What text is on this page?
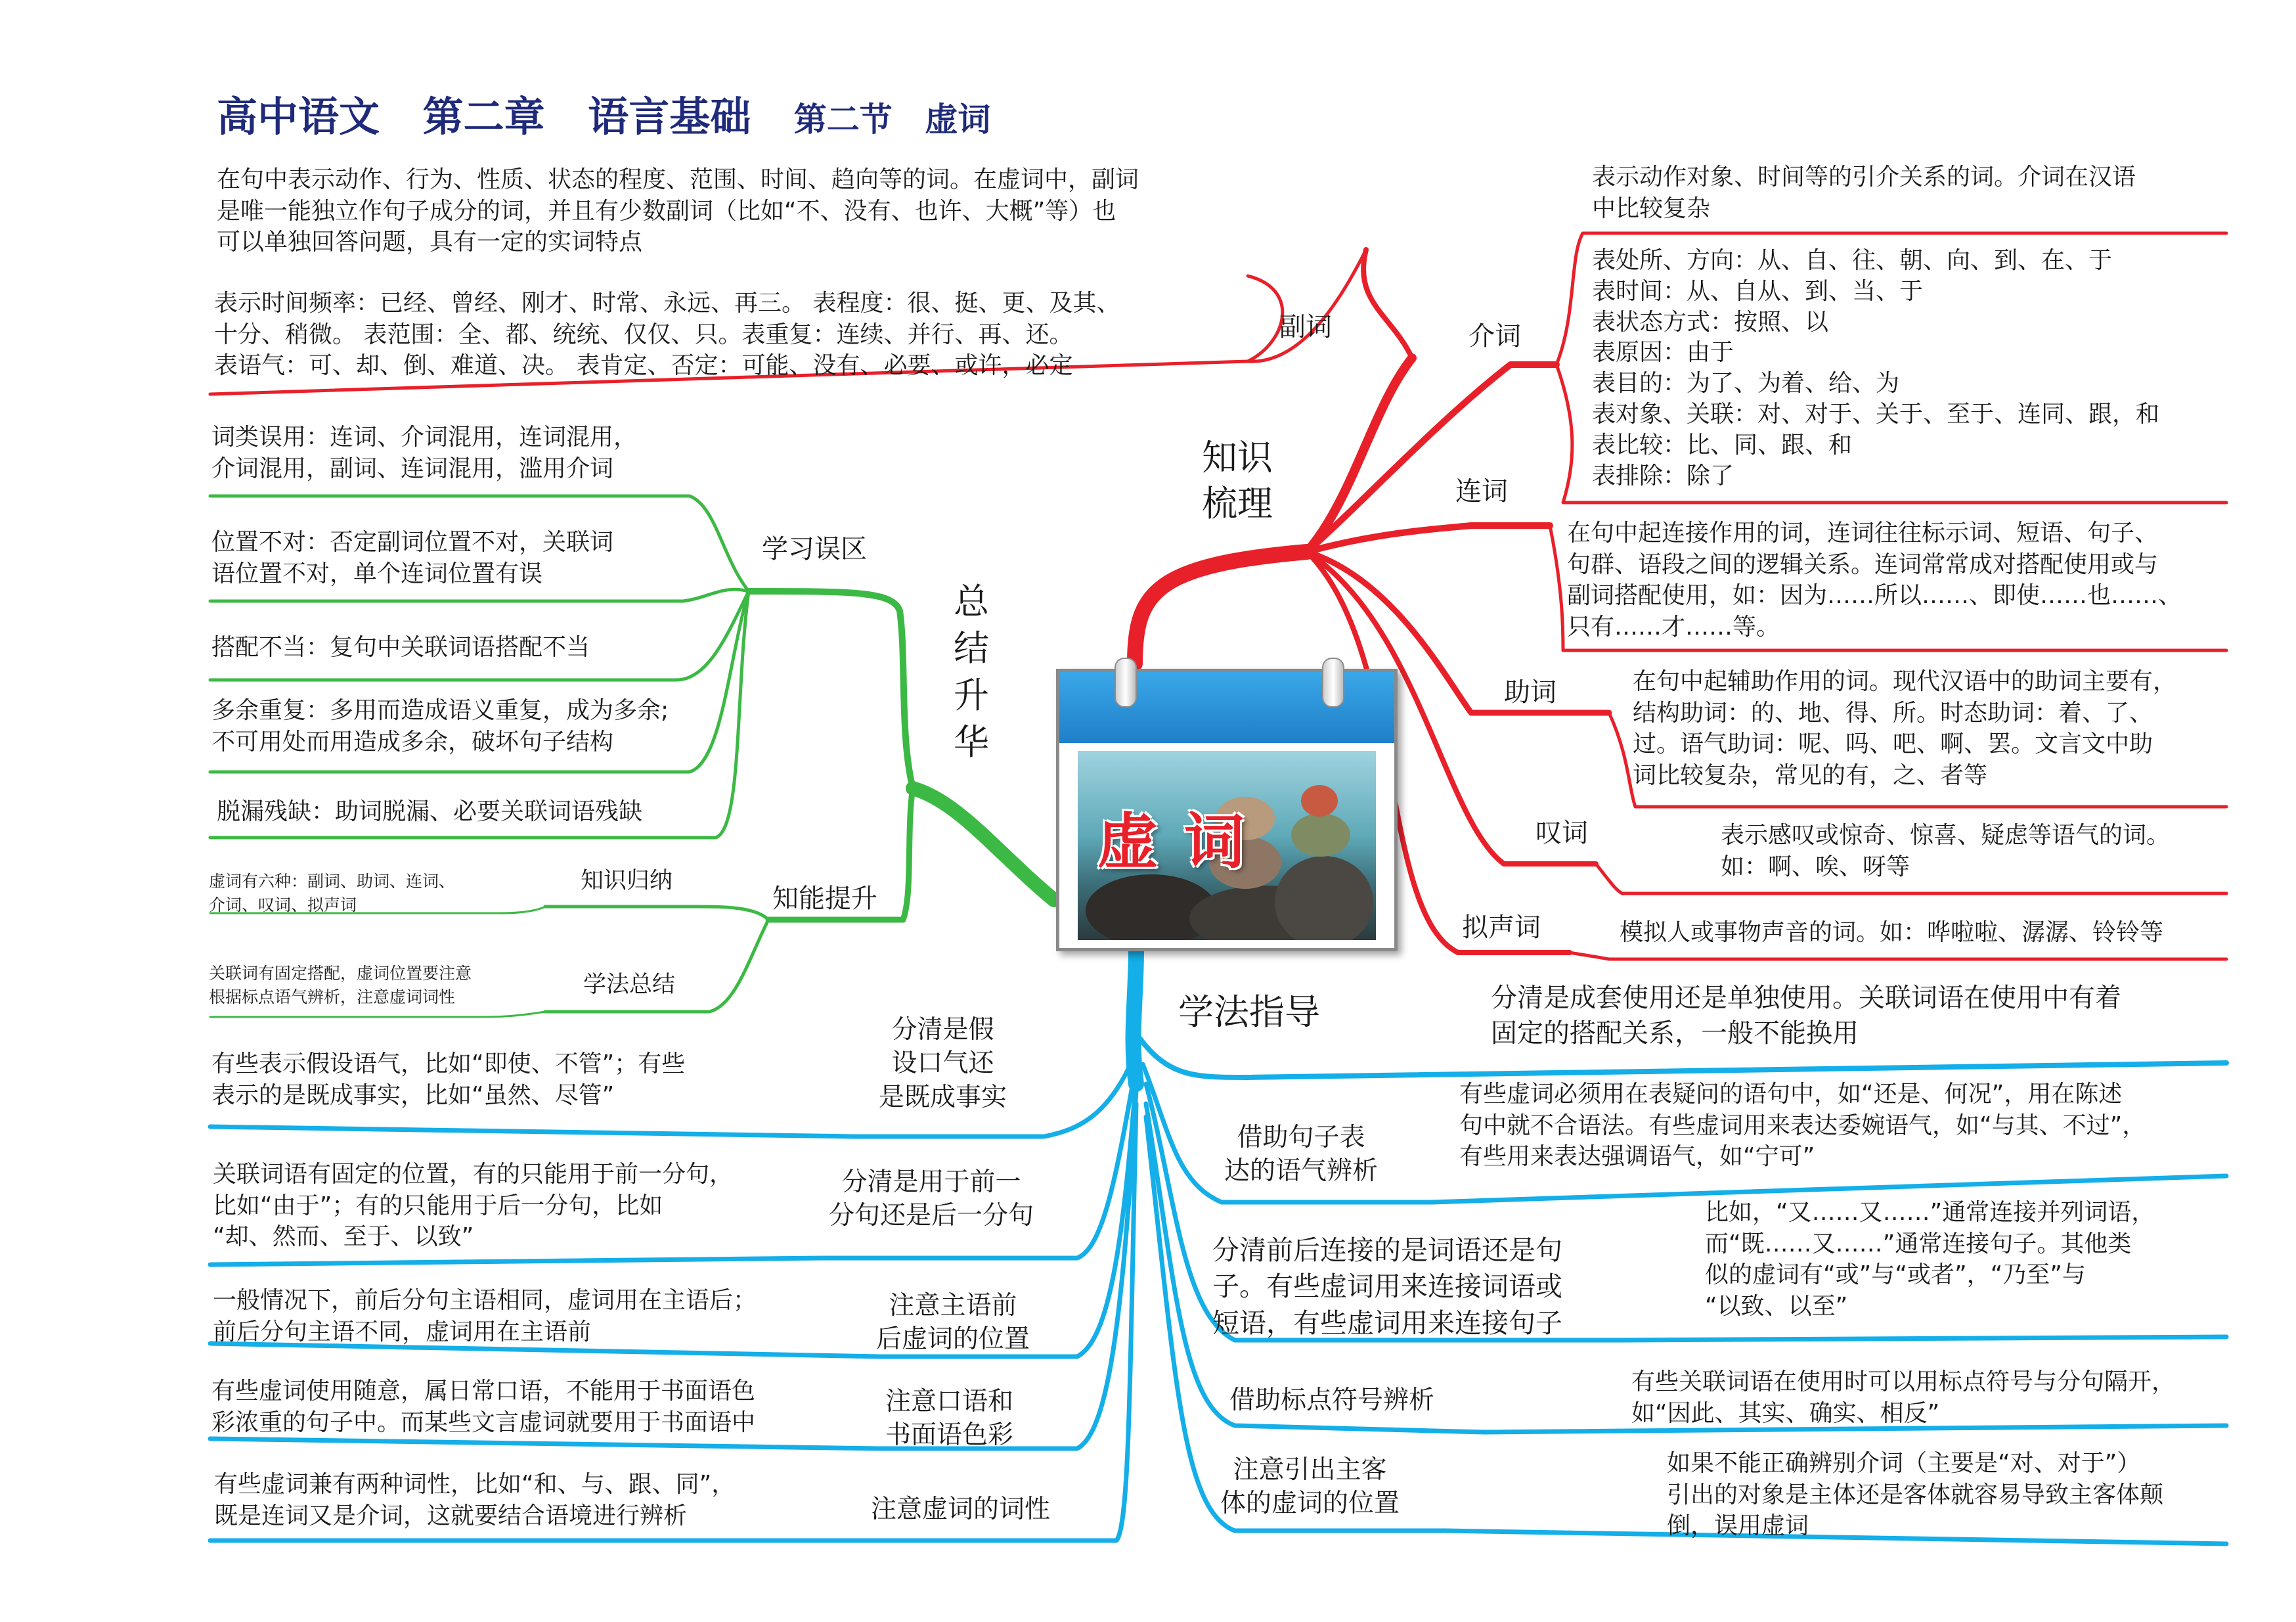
高中语文 第二章 语言基础 第二节 虚词
虚词
知识
梳理
副词
在句中表示动作、行为、性质、状态的程度、范围、时间、趋向等的词。在虚词中，副词
是唯一能独立作句子成分的词，并且有少数副词（比如“不、没有、也许、大概”等）也
可以单独回答问题，具有一定的实词特点
表示时间频率：已经、曾经、刚才、时常、永远、再三。 表程度：很、挺、更、及其、
十分、稍微。 表范围：全、都、统统、仅仅、只。表重复：连续、并行、再、还。
表语气：可、却、倒、难道、决。 表肯定、否定：可能、没有、必要、或许，必定
介词
表示动作对象、时间等的引介关系的词。介词在汉语
中比较复杂
表处所、方向：从、自、往、朝、向、到、在、于
表时间：从、自从、到、当、于
表状态方式：按照、以
表原因：由于
表目的：为了、为着、给、为
表对象、关联：对、对于、关于、至于、连同、跟，和
表比较：比、同、跟、和
表排除：除了
连词
在句中起连接作用的词，连词往往标示词、短语、句子、
句群、语段之间的逻辑关系。连词常常成对搭配使用或与
副词搭配使用，如：因为……所以……、即使……也……、
只有……才……等。
助词	在句中起辅助作用的词。现代汉语中的助词主要有，
结构助词：的、地、得、所。时态助词：着、了、
过。语气助词：呢、吗、吧、啊、罢。文言文中助
词比较复杂，常见的有，之、者等
叹词	表示感叹或惊奇、惊喜、疑虑等语气的词。
如：啊、唉、呀等
拟声词	模拟人或事物声音的词。如：哗啦啦、潺潺、铃铃等
总
结
升
华
学习误区
词类误用：连词、介词混用，连词混用，
介词混用，副词、连词混用，滥用介词
位置不对：否定副词位置不对，关联词
语位置不对，单个连词位置有误
搭配不当：复句中关联词语搭配不当
多余重复：多用而造成语义重复，成为多余;
不可用处而用造成多余，破坏句子结构
脱漏残缺：助词脱漏、必要关联词语残缺
知能提升
知识归纳
虚词有六种：副词、助词、连词、
介词、叹词、拟声词
学法总结
关联词有固定搭配，虚词位置要注意
根据标点语气辨析，注意虚词词性	学法指导
分清是假
设口气还
是既成事实
有些表示假设语气，比如“即使、不管”；有些
表示的是既成事实，比如“虽然、尽管”
分清是用于前一
分句还是后一分句
关联词语有固定的位置，有的只能用于前一分句，
比如“由于”；有的只能用于后一分句，比如
“却、然而、至于、以致”
注意主语前
后虚词的位置
一般情况下，前后分句主语相同，虚词用在主语后；
前后分句主语不同，虚词用在主语前
注意口语和
书面语色彩
有些虚词使用随意，属日常口语，不能用于书面语色
彩浓重的句子中。而某些文言虚词就要用于书面语中
注意虚词的词性
有些虚词兼有两种词性，比如“和、与、跟、同”，
既是连词又是介词，这就要结合语境进行辨析
分清是成套使用还是单独使用。关联词语在使用中有着
固定的搭配关系，一般不能换用
借助句子表
达的语气辨析
有些虚词必须用在表疑问的语句中，如“还是、何况”，用在陈述
句中就不合语法。有些虚词用来表达委婉语气，如“与其、不过”，
有些用来表达强调语气，如“宁可”
分清前后连接的是词语还是句
子。有些虚词用来连接词语或
短语，有些虚词用来连接句子
比如，“又……又……”通常连接并列词语，
而“既……又……”通常连接句子。其他类
似的虚词有“或”与“或者”，“乃至”与
“以致、以至”
借助标点符号辨析
有些关联词语在使用时可以用标点符号与分句隔开，
如“因此、其实、确实、相反”
注意引出主客
体的虚词的位置
如果不能正确辨别介词（主要是“对、对于”）
引出的对象是主体还是客体就容易导致主客体颠
倒，误用虚词
